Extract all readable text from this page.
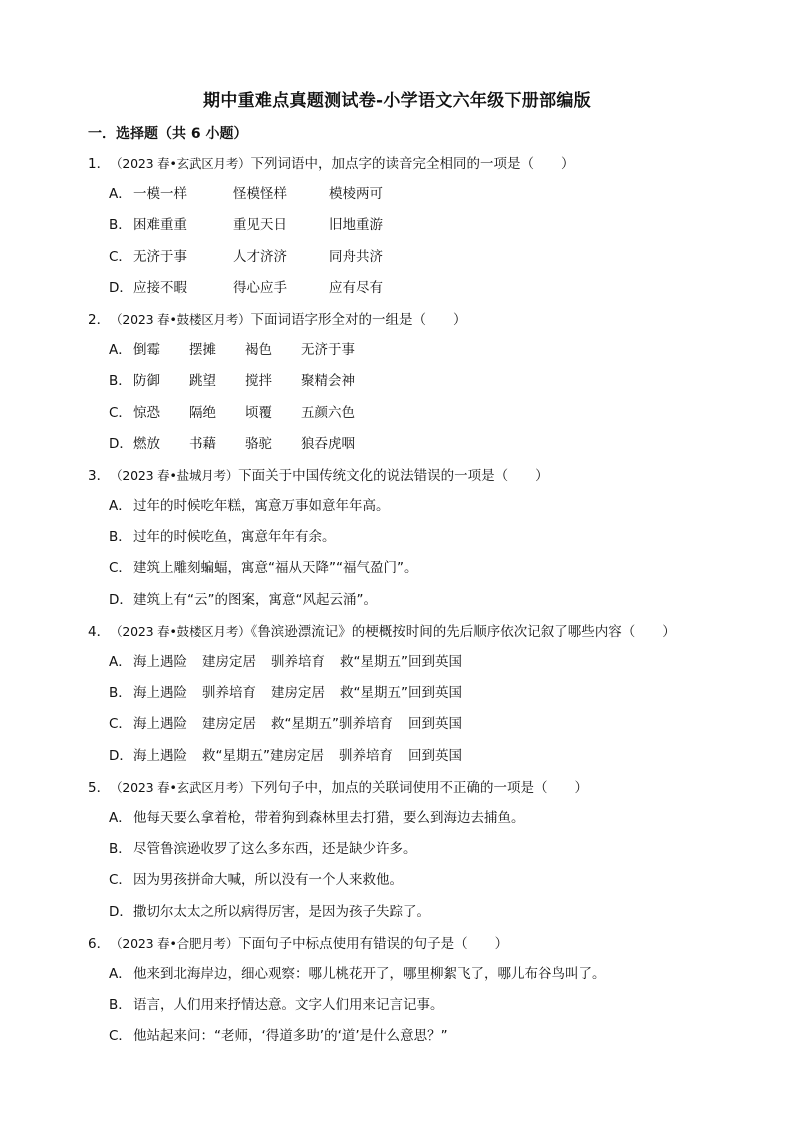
期中重难点真题测试卷-小学语文六年级下册部编版
一．选择题（共 6 小题）
1．（2023 春•玄武区月考）下列词语中，加点字的读音完全相同的一项是（　　）
A．一模一样	怪模怪样	模棱两可
B．困难重重	重见天日	旧地重游
C．无济于事	人才济济	同舟共济
D．应接不暇	得心应手	应有尽有
2．（2023 春•鼓楼区月考）下面词语字形全对的一组是（　　）
A．倒霉 摆摊 褐色 无济于事
B．防御 跳望 搅拌 聚精会神
C．惊恐 隔绝 顷覆 五颜六色
D．燃放 书藉 骆驼 狼吞虎咽
3．（2023 春•盐城月考）下面关于中国传统文化的说法错误的一项是（　　）
A．过年的时候吃年糕，寓意万事如意年年高。
B．过年的时候吃鱼，寓意年年有余。
C．建筑上雕刻蝙蝠，寓意“福从天降”“福气盈门”。
D．建筑上有“云”的图案，寓意“风起云涌”。
4．（2023 春•鼓楼区月考）《鲁滨逊漂流记》的梗概按时间的先后顺序依次记叙了哪些内容（　　）
A．海上遇险 建房定居 驯养培育 救“星期五”回到英国
B．海上遇险 驯养培育 建房定居 救“星期五”回到英国
C．海上遇险 建房定居 救“星期五”驯养培育 回到英国
D．海上遇险 救“星期五”建房定居 驯养培育 回到英国
5．（2023 春•玄武区月考）下列句子中，加点的关联词使用不正确的一项是（　　）
A．他每天要么拿着枪，带着狗到森林里去打猎，要么到海边去捕鱼。
B．尽管鲁滨逊收罗了这么多东西，还是缺少许多。
C．因为男孩拼命大喊，所以没有一个人来救他。
D．撒切尔太太之所以病得厉害，是因为孩子失踪了。
6．（2023 春•合肥月考）下面句子中标点使用有错误的句子是（　　）
A．他来到北海岸边，细心观察：哪儿桃花开了，哪里柳絮飞了，哪儿布谷鸟叫了。
B．语言，人们用来抒情达意。文字人们用来记言记事。
C．他站起来问：“老师，‘得道多助’的‘道’是什么意思？”
